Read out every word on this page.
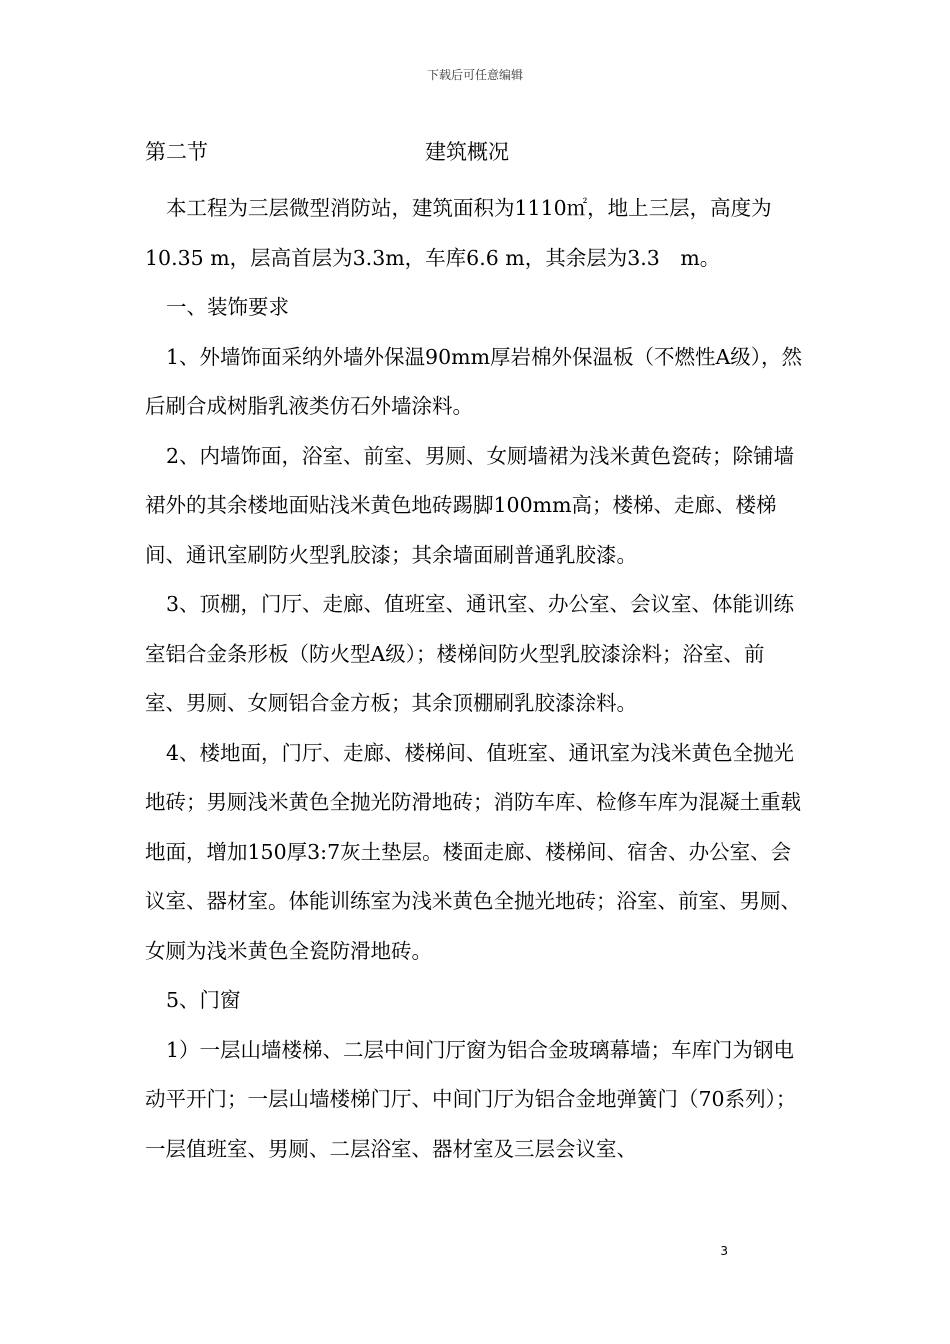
下载后可任意编辑
第二节	建筑概况

本工程为三层微型消防站，建筑面积为1110㎡，地上三层，高度为10.35 m，层高首层为3.3m，车库6.6 m，其余层为3.3　m。

一、装饰要求

1、外墙饰面采纳外墙外保温90mm厚岩棉外保温板（不燃性A级），然后刷合成树脂乳液类仿石外墙涂料。

2、内墙饰面，浴室、前室、男厕、女厕墙裙为浅米黄色瓷砖；除铺墙裙外的其余楼地面贴浅米黄色地砖踢脚100mm高；楼梯、走廊、楼梯间、通讯室刷防火型乳胶漆；其余墙面刷普通乳胶漆。

3、顶棚，门厅、走廊、值班室、通讯室、办公室、会议室、体能训练室铝合金条形板（防火型A级）；楼梯间防火型乳胶漆涂料；浴室、前室、男厕、女厕铝合金方板；其余顶棚刷乳胶漆涂料。

4、楼地面，门厅、走廊、楼梯间、值班室、通讯室为浅米黄色全抛光地砖；男厕浅米黄色全抛光防滑地砖；消防车库、检修车库为混凝土重载地面，增加150厚3:7灰土垫层。楼面走廊、楼梯间、宿舍、办公室、会议室、器材室。体能训练室为浅米黄色全抛光地砖；浴室、前室、男厕、女厕为浅米黄色全瓷防滑地砖。

5、门窗

1）一层山墙楼梯、二层中间门厅窗为铝合金玻璃幕墙；车库门为钢电动平开门；一层山墙楼梯门厅、中间门厅为铝合金地弹簧门（70系列）；一层值班室、男厕、二层浴室、器材室及三层会议室、

3
